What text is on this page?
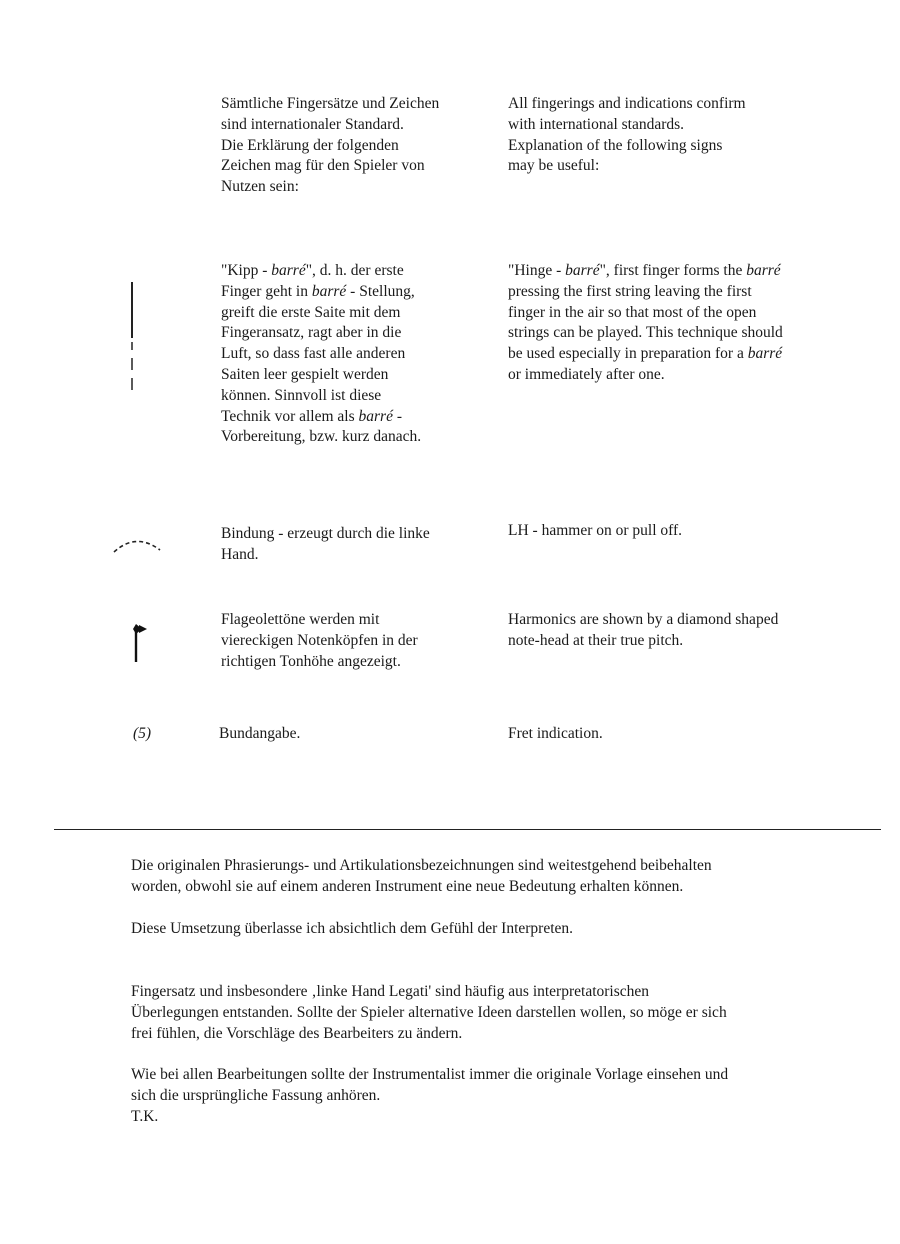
Sämtliche Fingersätze und Zeichen
sind internationaler Standard.
Die Erklärung der folgenden
Zeichen mag für den Spieler von
Nutzen sein:
All fingerings and indications confirm
with international standards.
Explanation of the following signs
may be useful:
"Kipp - barré", d. h. der erste
Finger geht in barré - Stellung,
greift die erste Saite mit dem
Fingeransatz, ragt aber in die
Luft, so dass fast alle anderen
Saiten leer gespielt werden
können. Sinnvoll ist diese
Technik vor allem als barré -
Vorbereitung, bzw. kurz danach.
"Hinge - barré", first finger forms the barré
pressing the first string leaving the first
finger in the air so that most of the open
strings can be played. This technique should
be used especially in preparation for a barré
or immediately after one.
Bindung - erzeugt durch die linke
Hand.
LH - hammer on or pull off.
Flageolettöne werden mit
viereckigen Notenköpfen in der
richtigen Tonhöhe angezeigt.
Harmonics are shown by a diamond shaped
note-head at their true pitch.
(5)	Bundangabe.	Fret indication.
Die originalen Phrasierungs- und Artikulationsbezeichnungen sind weitestgehend beibehalten
worden, obwohl sie auf einem anderen Instrument eine neue Bedeutung erhalten können.
Diese Umsetzung überlasse ich absichtlich dem Gefühl der Interpreten.
Fingersatz und insbesondere ‚linke Hand Legati' sind häufig aus interpretatorischen
Überlegungen entstanden. Sollte der Spieler alternative Ideen darstellen wollen, so möge er sich
frei fühlen, die Vorschläge des Bearbeiters zu ändern.
Wie bei allen Bearbeitungen sollte der Instrumentalist immer die originale Vorlage einsehen und
sich die ursprüngliche Fassung anhören.
T.K.
